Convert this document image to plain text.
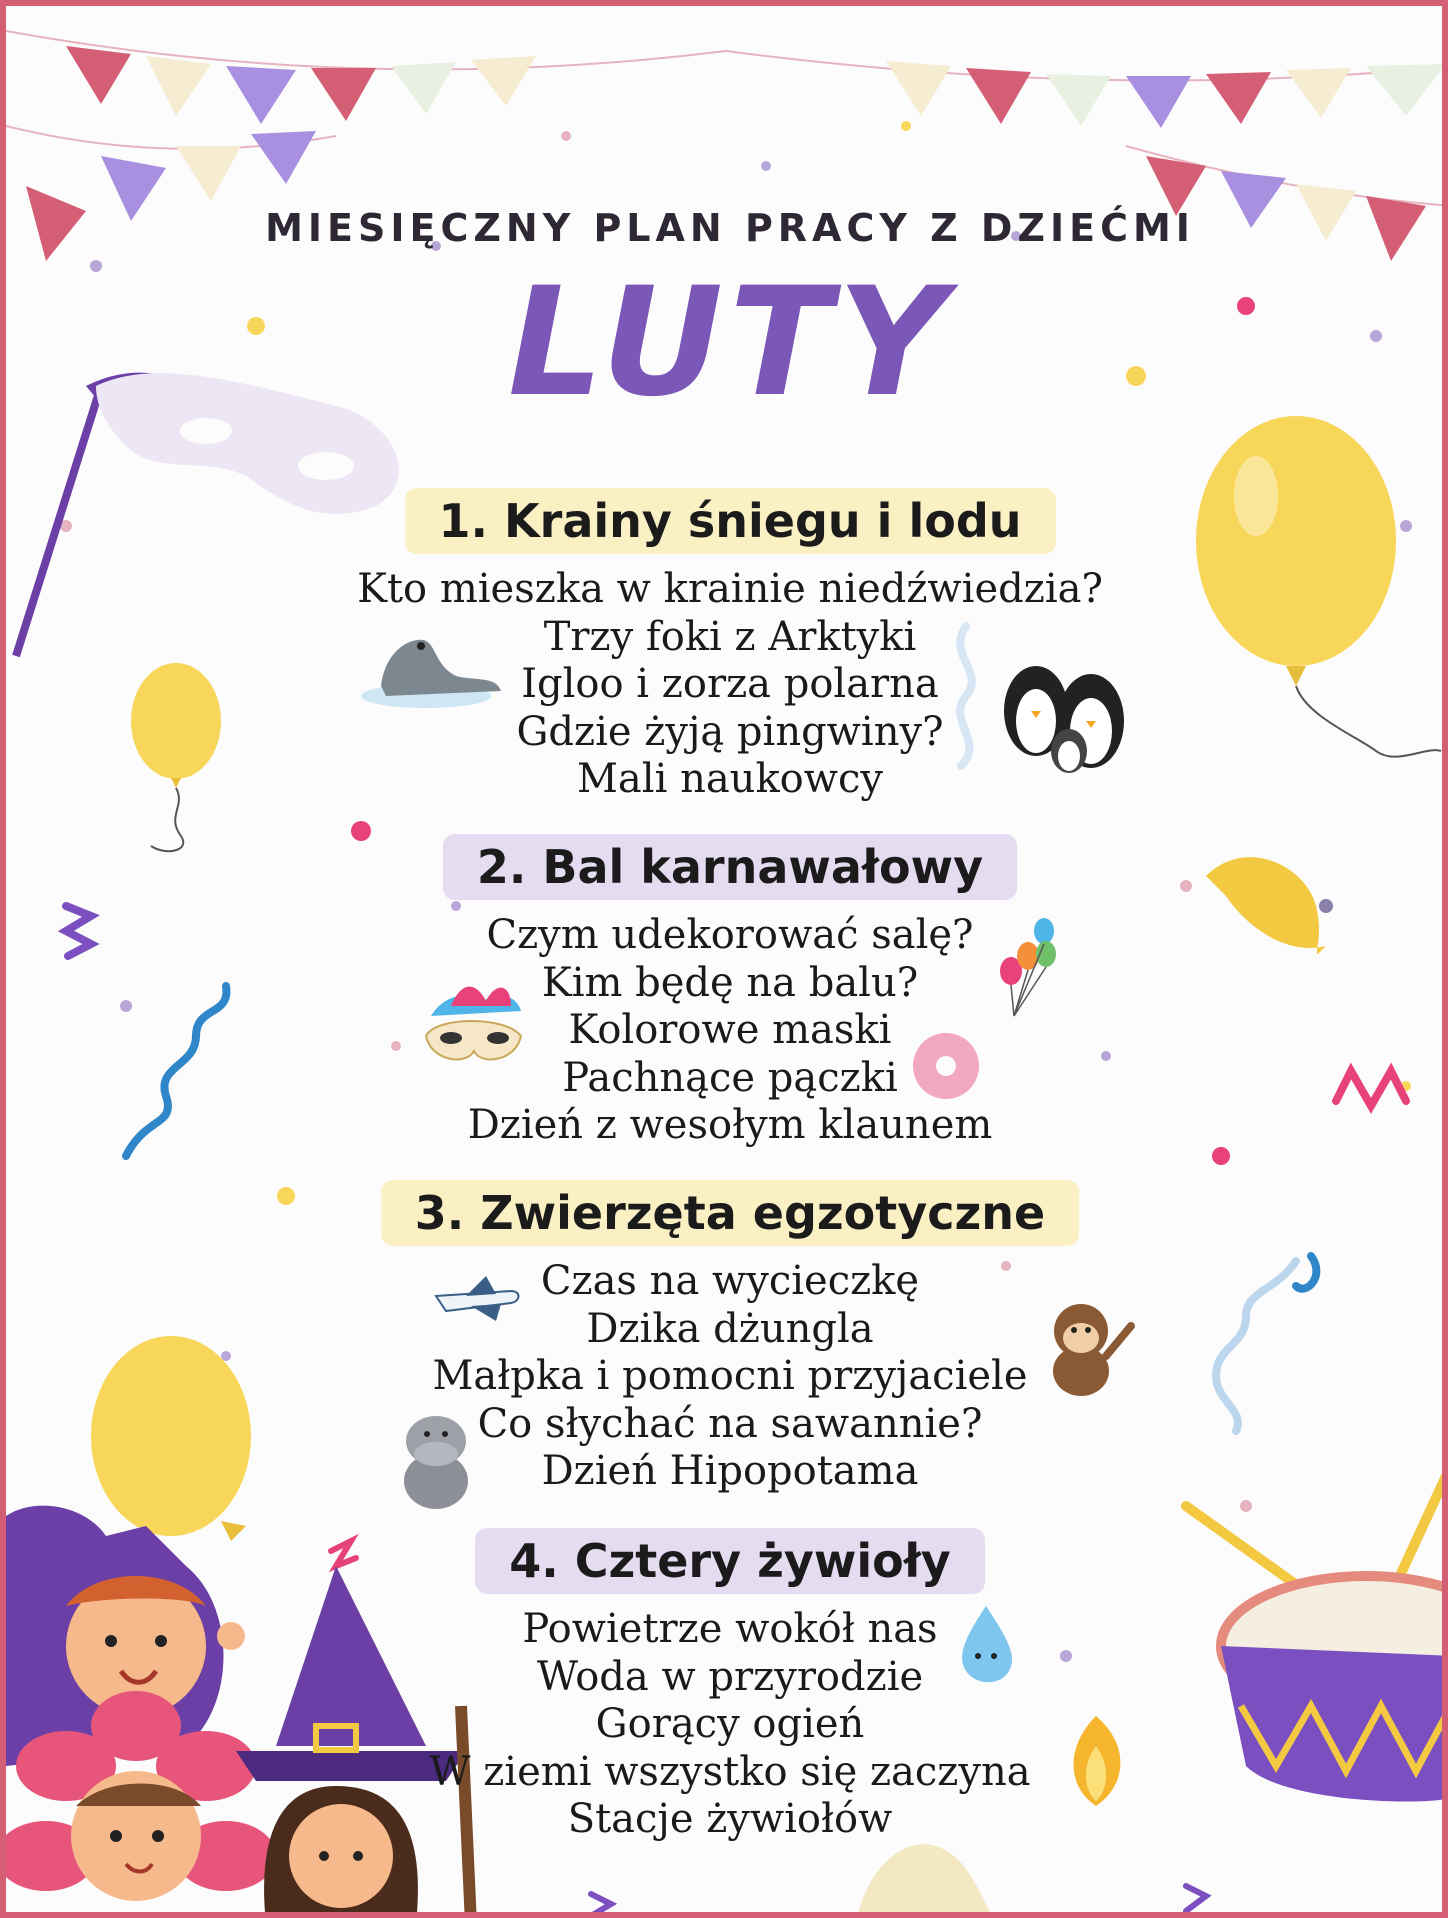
MIESIĘCZNY PLAN PRACY Z DZIEĆMI
LUTY
1. Krainy śniegu i lodu
Kto mieszka w krainie niedźwiedzia?
Trzy foki z Arktyki
Igloo i zorza polarna
Gdzie żyją pingwiny?
Mali naukowcy
2. Bal karnawałowy
Czym udekorować salę?
Kim będę na balu?
Kolorowe maski
Pachnące pączki
Dzień z wesołym klaunem
3. Zwierzęta egzotyczne
Czas na wycieczkę
Dzika dżungla
Małpka i pomocni przyjaciele
Co słychać na sawannie?
Dzień Hipopotama
4. Cztery żywioły
Powietrze wokół nas
Woda w przyrodzie
Gorący ogień
W ziemi wszystko się zaczyna
Stacje żywiołów
